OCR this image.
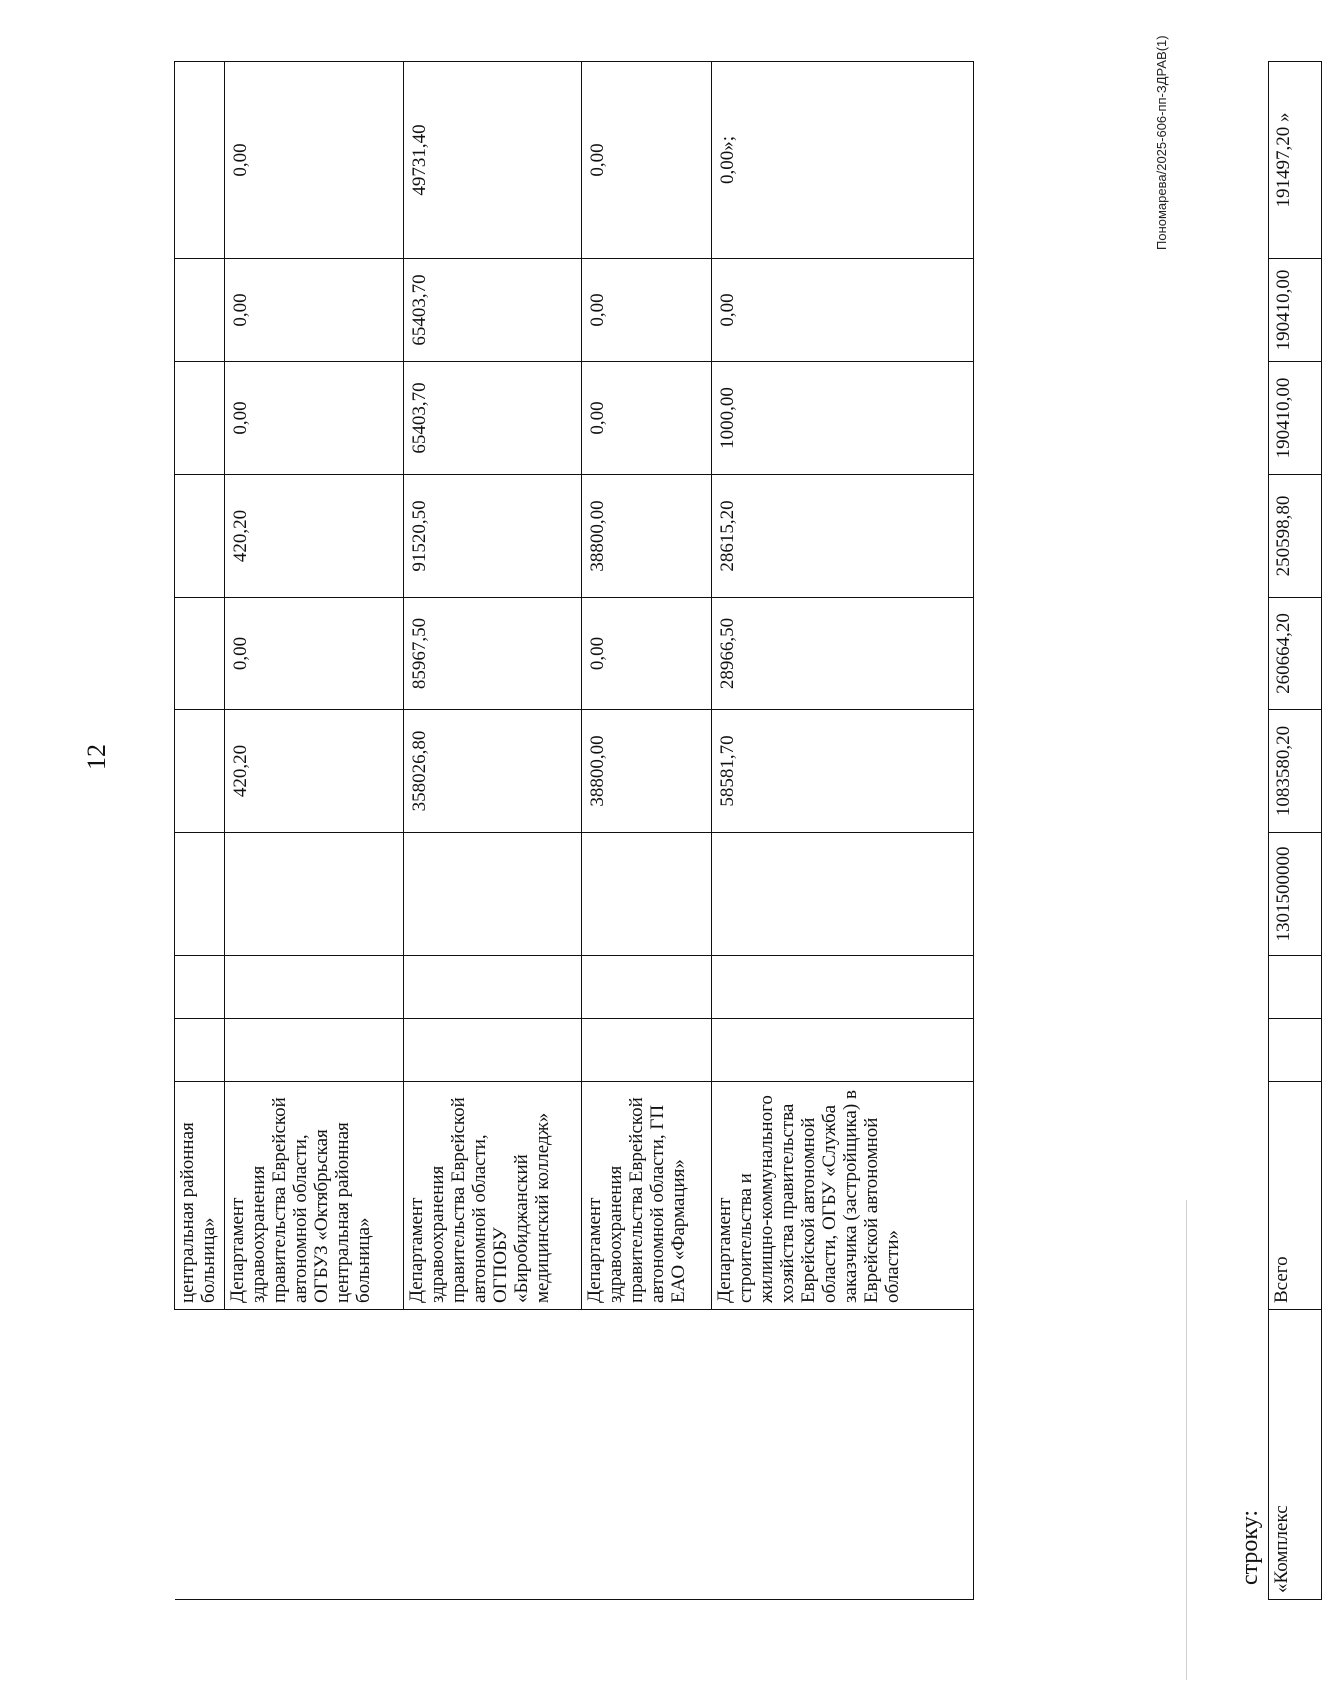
Пономарева/2025-606-пп-ЗДРАВ(1)
12
	центральная районная больница»									
	Департамент здравоохранения правительства Еврейской автономной области, ОГБУЗ «Октябрьская центральная районная больница»				420,20	0,00	420,20	0,00	0,00	0,00
	Департамент здравоохранения правительства Еврейской автономной области, ОГПОБУ «Биробиджанский медицинский колледж»				358026,80	85967,50	91520,50	65403,70	65403,70	49731,40
	Департамент здравоохранения правительства Еврейской автономной области, ГП ЕАО «Фармация»				38800,00	0,00	38800,00	0,00	0,00	0,00
	Департамент строительства и жилищно-коммунального хозяйства правительства Еврейской автономной области, ОГБУ «Служба заказчика (застройщика) в Еврейской автономной области»				58581,70	28966,50	28615,20	1000,00	0,00	0,00»;
строку: «Комплекс	Всего			1301500000	1083580,20	260664,20	250598,80	190410,00	190410,00	191497,20 »
